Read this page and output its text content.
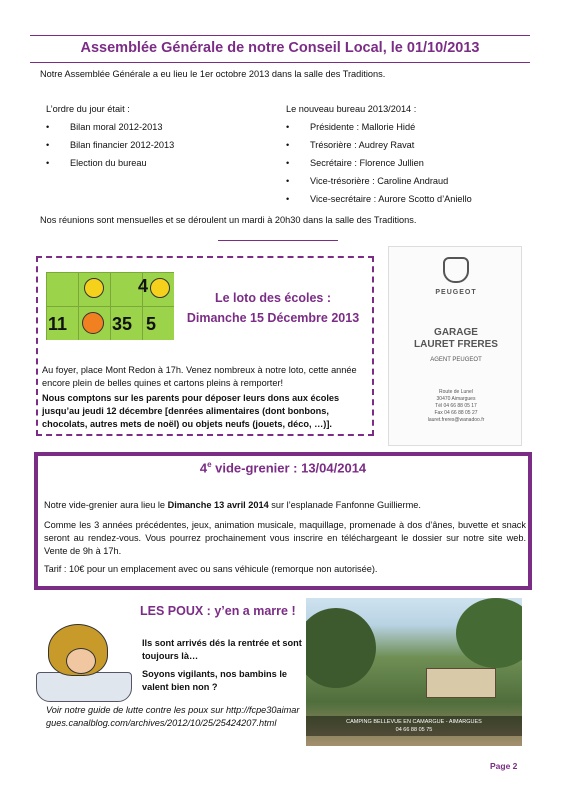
Assemblée Générale de notre Conseil Local, le 01/10/2013
Notre Assemblée Générale a eu lieu le 1er octobre 2013 dans la salle des Traditions.
L’ordre du jour était :
• Bilan moral 2012-2013
• Bilan financier 2012-2013
• Election du bureau
Le nouveau bureau 2013/2014 :
• Présidente : Mallorie Hidé
• Trésorière : Audrey Ravat
• Secrétaire : Florence Jullien
• Vice-trésorière : Caroline Andraud
• Vice-secrétaire : Aurore Scotto d’Aniello
Nos réunions sont mensuelles et se déroulent un mardi à 20h30 dans la salle des Traditions.
4
11 35 5
Le loto des écoles :
Dimanche 15 Décembre 2013
Au foyer, place Mont Redon à 17h. Venez nombreux à notre loto, cette année encore plein de belles quines et cartons pleins à remporter!
Nous comptons sur les parents pour déposer leurs dons aux écoles jusqu’au jeudi 12 décembre [denrées alimentaires (dont bonbons, chocolats, autres mets de noël) ou objets neufs (jouets, déco, …)].
PEUGEOT
GARAGE
LAURET FRERES
AGENT PEUGEOT
Route de Lunel
30470 Aimargues
Tél 04 66 88 05 17
Fax 04 66 88 05 27
lauret.freres@wanadoo.fr
4e vide-grenier : 13/04/2014
Notre vide-grenier aura lieu le Dimanche 13 avril 2014 sur l’esplanade Fanfonne Guillierme.
Comme les 3 années précédentes, jeux, animation musicale, maquillage, promenade à dos d’ânes, buvette et snack seront au rendez-vous. Vous pourrez prochainement vous inscrire en téléchargeant le dossier sur notre site web. Vente de 9h à 17h.
Tarif : 10€ pour un emplacement avec ou sans véhicule (remorque non autorisée).
LES POUX : y’en a marre !
Ils sont arrivés dés la rentrée et sont toujours là…
Soyons vigilants, nos bambins le valent bien non ?
Voir notre guide de lutte contre les poux sur http://fcpe30aimargues.canalblog.com/archives/2012/10/25/25424207.html	CAMPING BELLEVUE EN CAMARGUE - AIMARGUES
04 66 88 05 75
Page 2
